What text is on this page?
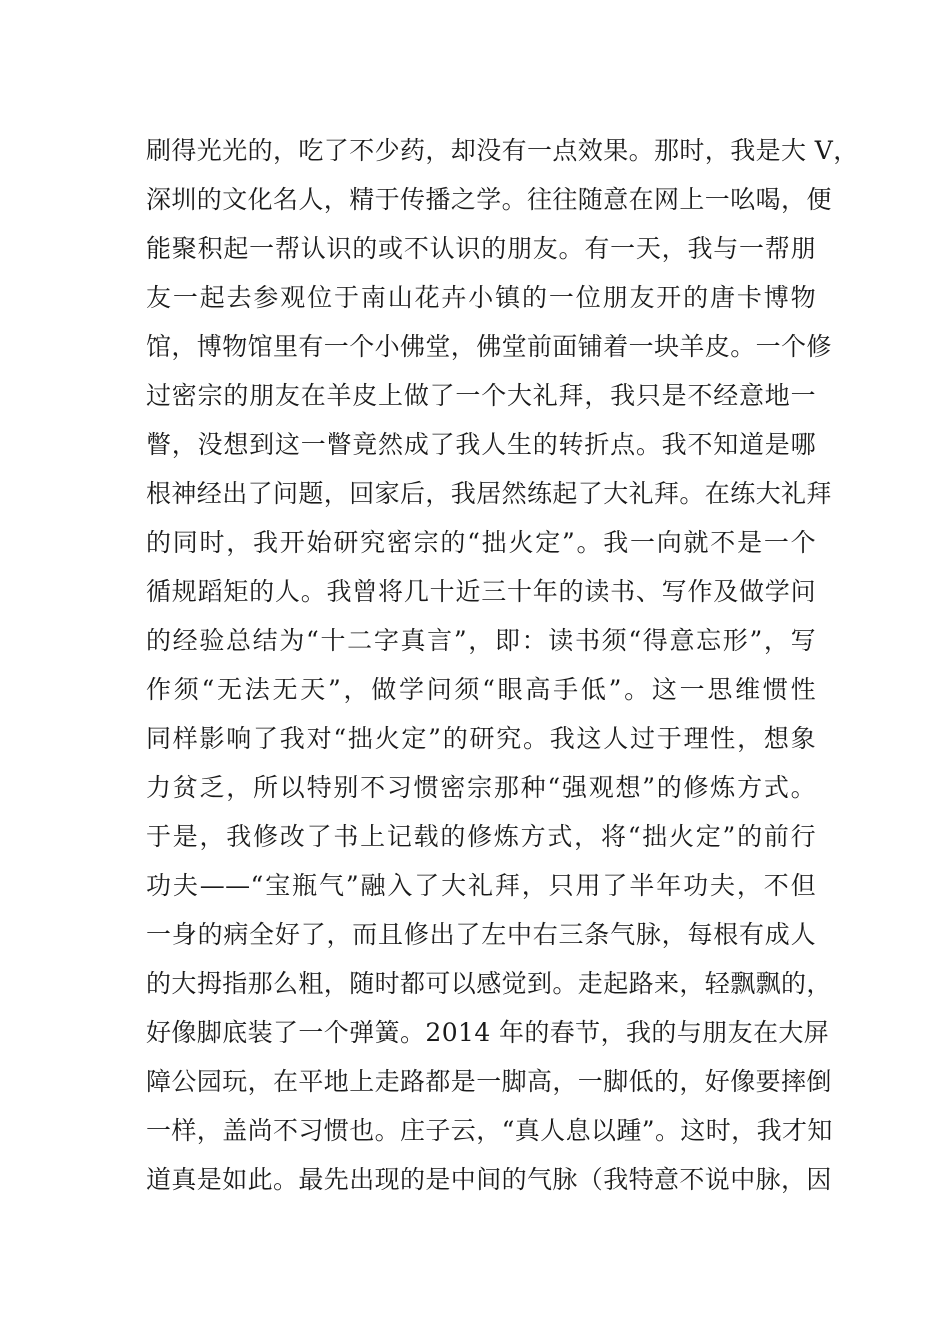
刷得光光的，吃了不少药，却没有一点效果。那时，我是大 V，
深圳的文化名人，精于传播之学。往往随意在网上一吆喝，便
能聚积起一帮认识的或不认识的朋友。有一天，我与一帮朋
友一起去参观位于南山花卉小镇的一位朋友开的唐卡博物
馆，博物馆里有一个小佛堂，佛堂前面铺着一块羊皮。一个修
过密宗的朋友在羊皮上做了一个大礼拜，我只是不经意地一
瞥，没想到这一瞥竟然成了我人生的转折点。我不知道是哪
根神经出了问题，回家后，我居然练起了大礼拜。在练大礼拜
的同时，我开始研究密宗的“拙火定”。我一向就不是一个
循规蹈矩的人。我曾将几十近三十年的读书、写作及做学问
的经验总结为“十二字真言”，即：读书须“得意忘形”，写
作须“无法无天”，做学问须“眼高手低”。这一思维惯性
同样影响了我对“拙火定”的研究。我这人过于理性，想象
力贫乏，所以特别不习惯密宗那种“强观想”的修炼方式。
于是，我修改了书上记载的修炼方式，将“拙火定”的前行
功夫——“宝瓶气”融入了大礼拜，只用了半年功夫，不但
一身的病全好了，而且修出了左中右三条气脉，每根有成人
的大拇指那么粗，随时都可以感觉到。走起路来，轻飘飘的，
好像脚底装了一个弹簧。2014 年的春节，我的与朋友在大屏
障公园玩，在平地上走路都是一脚高，一脚低的，好像要摔倒
一样，盖尚不习惯也。庄子云，“真人息以踵”。这时，我才知
道真是如此。最先出现的是中间的气脉（我特意不说中脉，因
